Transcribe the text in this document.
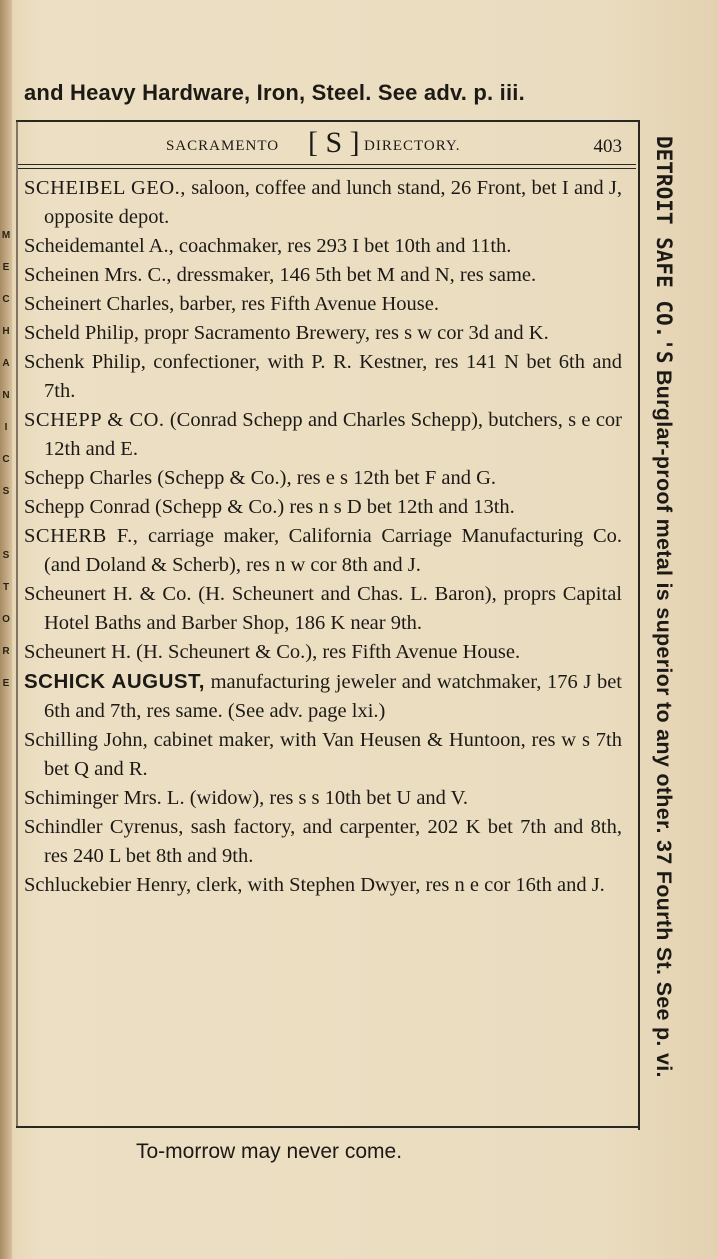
M
E
C
H
A
N
I
C
S
S
T
O
R
E
and Heavy Hardware, Iron, Steel. See adv. p. iii.
SACRAMENTO [ S ] DIRECTORY.	403
SCHEIBEL GEO., saloon, coffee and lunch stand, 26 Front, bet I and J, opposite depot.
Scheidemantel A., coachmaker, res 293 I bet 10th and 11th.
Scheinen Mrs. C., dressmaker, 146 5th bet M and N, res same.
Scheinert Charles, barber, res Fifth Avenue House.
Scheld Philip, propr Sacramento Brewery, res s w cor 3d and K.
Schenk Philip, confectioner, with P. R. Kestner, res 141 N bet 6th and 7th.
SCHEPP & CO. (Conrad Schepp and Charles Schepp), butchers, s e cor 12th and E.
Schepp Charles (Schepp & Co.), res e s 12th bet F and G.
Schepp Conrad (Schepp & Co.) res n s D bet 12th and 13th.
SCHERB F., carriage maker, California Carriage Manufacturing Co. (and Doland & Scherb), res n w cor 8th and J.
Scheunert H. & Co. (H. Scheunert and Chas. L. Baron), proprs Capital Hotel Baths and Barber Shop, 186 K near 9th.
Scheunert H. (H. Scheunert & Co.), res Fifth Avenue House.
SCHICK AUGUST, manufacturing jeweler and watchmaker, 176 J bet 6th and 7th, res same. (See adv. page lxi.)
Schilling John, cabinet maker, with Van Heusen & Huntoon, res w s 7th bet Q and R.
Schiminger Mrs. L. (widow), res s s 10th bet U and V.
Schindler Cyrenus, sash factory, and carpenter, 202 K bet 7th and 8th, res 240 L bet 8th and 9th.
Schluckebier Henry, clerk, with Stephen Dwyer, res n e cor 16th and J.
To-morrow may never come.
DETROIT SAFE CO.'S Burglar-proof metal is superior to any other. 37 Fourth St. See p. vi.
